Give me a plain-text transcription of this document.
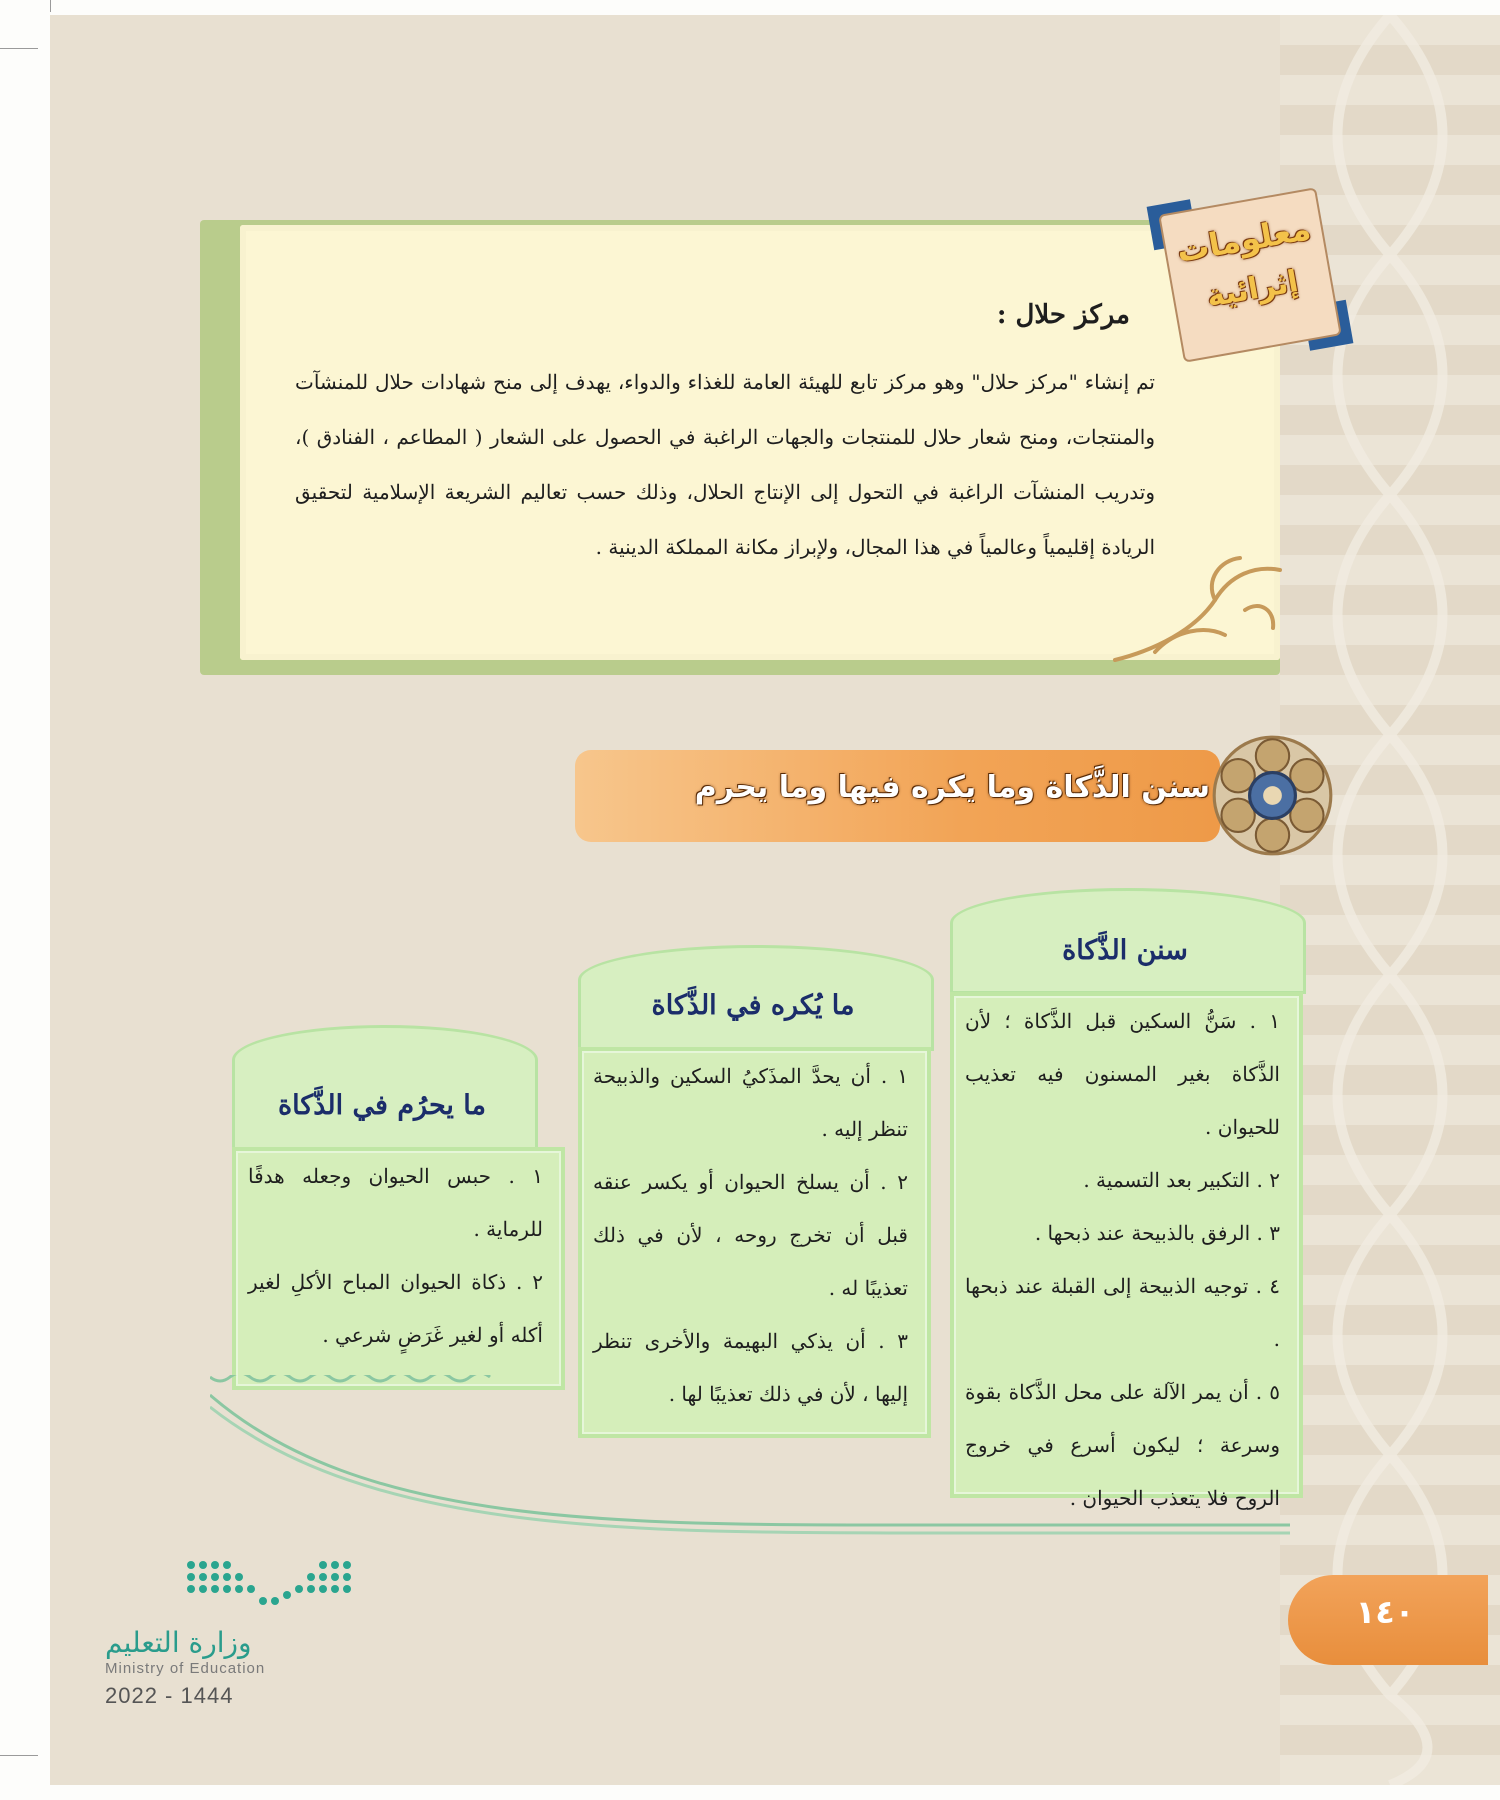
معلومات
إثرائية
مركز حلال :

تم إنشاء "مركز حلال" وهو مركز تابع للهيئة العامة للغذاء والدواء، يهدف إلى منح شهادات حلال للمنشآت والمنتجات، ومنح شعار حلال للمنتجات والجهات الراغبة في الحصول على الشعار ( المطاعم ، الفنادق )، وتدريب المنشآت الراغبة في التحول إلى الإنتاج الحلال، وذلك حسب تعاليم الشريعة الإسلامية لتحقيق الريادة إقليمياً وعالمياً في هذا المجال، ولإبراز مكانة المملكة الدينية .

سنن الذَّكاة وما يكره فيها وما يحرم
سنن الذَّكاة
١ . سَنُّ السكين قبل الذَّكاة ؛ لأن الذَّكاة بغير المسنون فيه تعذيب للحيوان .
٢ . التكبير بعد التسمية .
٣ . الرفق بالذبيحة عند ذبحها .
٤ . توجيه الذبيحة إلى القبلة عند ذبحها .
٥ . أن يمر الآلة على محل الذَّكاة بقوة وسرعة ؛ ليكون أسرع في خروج الروح فلا يتعذب الحيوان .
ما يُكره في الذَّكاة
١ . أن يحدَّ المذَكيُ السكين والذبيحة تنظر إليه .
٢ . أن يسلخ الحيوان أو يكسر عنقه قبل أن تخرج روحه ، لأن في ذلك تعذيبًا له .
٣ . أن يذكي البهيمة والأخرى تنظر إليها ، لأن في ذلك تعذيبًا لها .
ما يحرُم في الذَّكاة
١ . حبس الحيوان وجعله هدفًا للرماية .
٢ . ذكاة الحيوان المباح الأكلِ لغير أكله أو لغير غَرَضٍ شرعي .
١٤٠
وزارة التعليم
Ministry of Education
2022 - 1444
